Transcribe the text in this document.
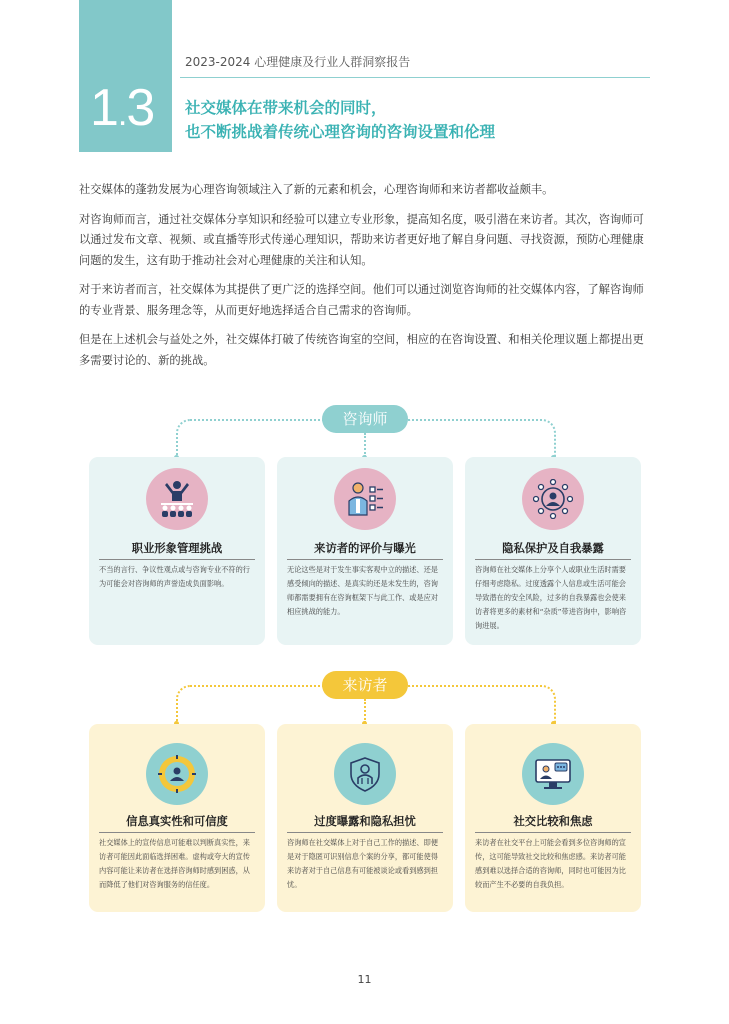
1.3
2023-2024 心理健康及行业人群洞察报告
社交媒体在带来机会的同时，
也不断挑战着传统心理咨询的咨询设置和伦理

社交媒体的蓬勃发展为心理咨询领域注入了新的元素和机会，心理咨询师和来访者都收益颇丰。

对咨询师而言，通过社交媒体分享知识和经验可以建立专业形象，提高知名度，吸引潜在来访者。其次，咨询师可以通过发布文章、视频、或直播等形式传递心理知识，帮助来访者更好地了解自身问题、寻找资源，预防心理健康问题的发生，这有助于推动社会对心理健康的关注和认知。

对于来访者而言，社交媒体为其提供了更广泛的选择空间。他们可以通过浏览咨询师的社交媒体内容，了解咨询师的专业背景、服务理念等，从而更好地选择适合自己需求的咨询师。

但是在上述机会与益处之外，社交媒体打破了传统咨询室的空间，相应的在咨询设置、和相关伦理议题上都提出更多需要讨论的、新的挑战。

咨询师
职业形象管理挑战
不当的言行、争议性观点或与咨询专业不符的行为可能会对咨询师的声誉造成负面影响。
来访者的评价与曝光
无论这些是对于发生事实客观中立的描述、还是感受倾向的描述、是真实的还是未发生的，咨询师都需要拥有在咨询框架下与此工作、或是应对相应挑战的能力。
隐私保护及自我暴露
咨询师在社交媒体上分享个人或职业生活时需要仔细考虑隐私。过度透露个人信息或生活可能会导致潜在的安全风险，过多的自我暴露也会使来访者将更多的素材和“杂质”带进咨询中，影响咨询进展。
来访者
信息真实性和可信度
社交媒体上的宣传信息可能难以判断真实性，来访者可能因此面临选择困难。虚构或夸大的宣传内容可能让来访者在选择咨询师时感到困惑，从而降低了他们对咨询服务的信任度。
过度曝露和隐私担忧
咨询师在社交媒体上对于自己工作的描述、即便是对于隐匿可识别信息个案的分享，都可能使得来访者对于自己信息有可能被谈论或看到感到担忧。
社交比较和焦虑
来访者在社交平台上可能会看到多位咨询师的宣传，这可能导致社交比较和焦虑感。来访者可能感到难以选择合适的咨询师，同时也可能因为比较而产生不必要的自我负担。
11
